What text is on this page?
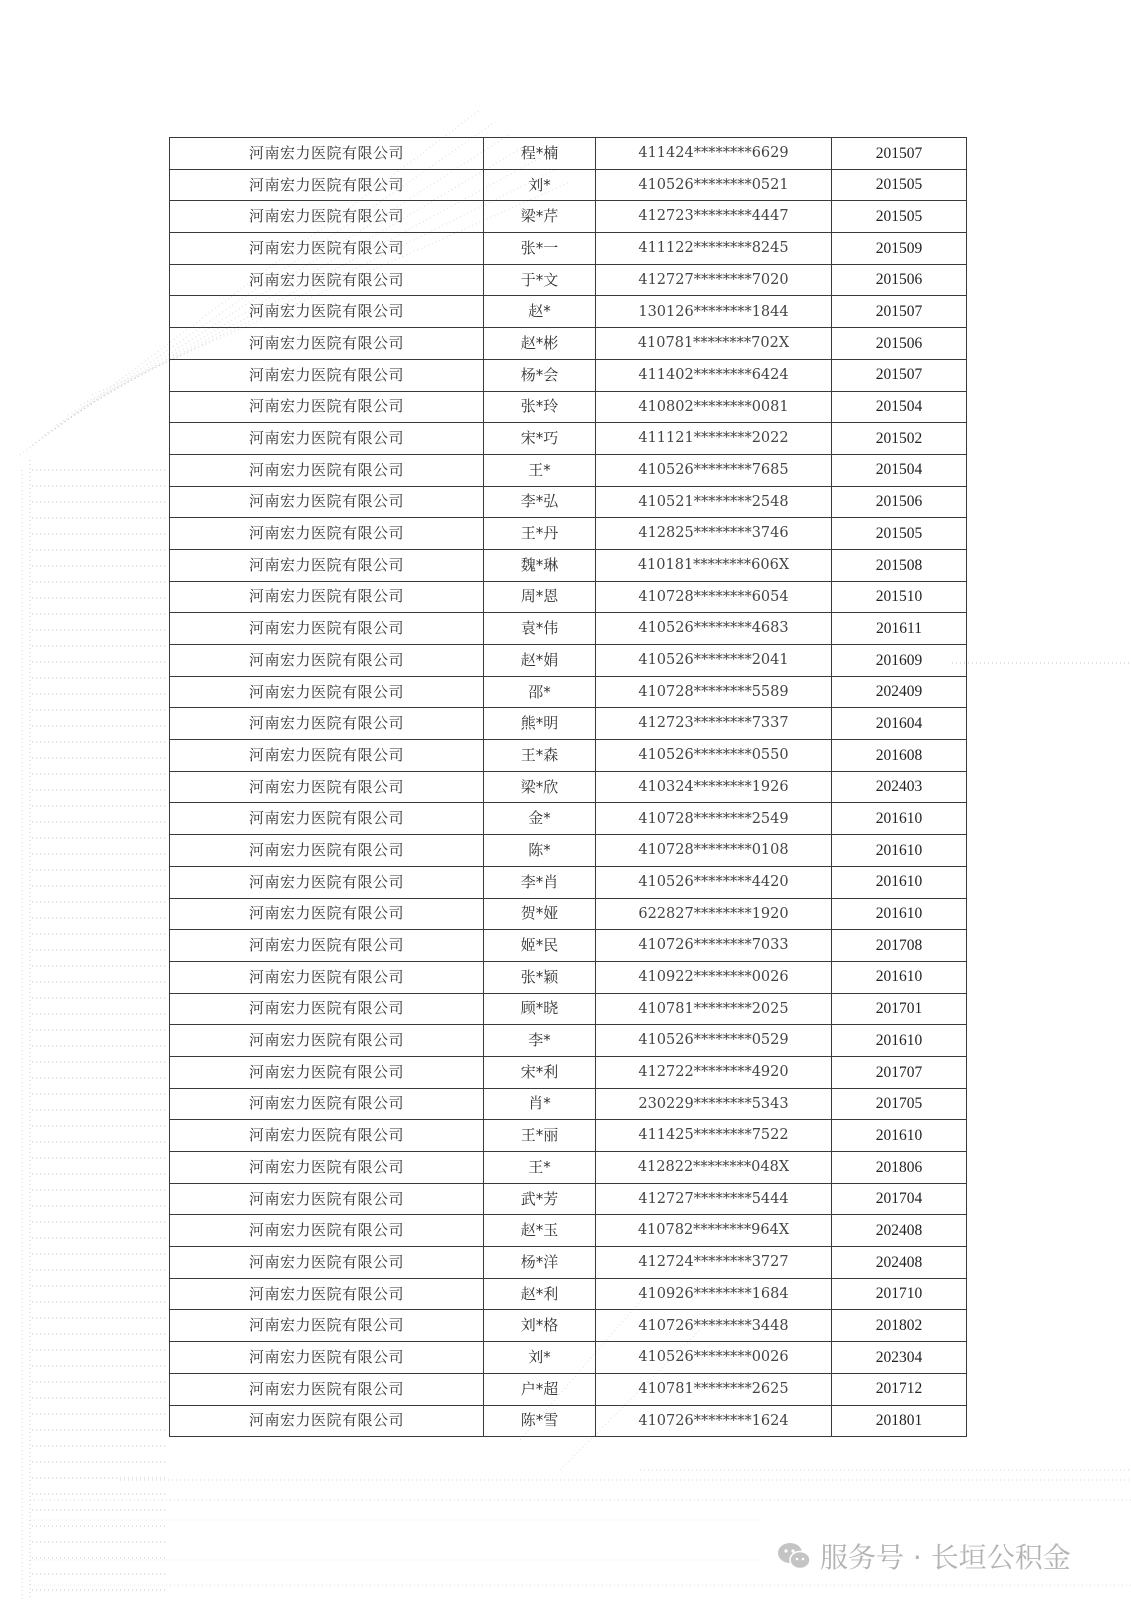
河南宏力医院有限公司	程*楠	411424********6629	201507
河南宏力医院有限公司	刘*	410526********0521	201505
河南宏力医院有限公司	梁*芹	412723********4447	201505
河南宏力医院有限公司	张*一	411122********8245	201509
河南宏力医院有限公司	于*文	412727********7020	201506
河南宏力医院有限公司	赵*	130126********1844	201507
河南宏力医院有限公司	赵*彬	410781********702X	201506
河南宏力医院有限公司	杨*会	411402********6424	201507
河南宏力医院有限公司	张*玲	410802********0081	201504
河南宏力医院有限公司	宋*巧	411121********2022	201502
河南宏力医院有限公司	王*	410526********7685	201504
河南宏力医院有限公司	李*弘	410521********2548	201506
河南宏力医院有限公司	王*丹	412825********3746	201505
河南宏力医院有限公司	魏*琳	410181********606X	201508
河南宏力医院有限公司	周*恩	410728********6054	201510
河南宏力医院有限公司	袁*伟	410526********4683	201611
河南宏力医院有限公司	赵*娟	410526********2041	201609
河南宏力医院有限公司	邵*	410728********5589	202409
河南宏力医院有限公司	熊*明	412723********7337	201604
河南宏力医院有限公司	王*森	410526********0550	201608
河南宏力医院有限公司	梁*欣	410324********1926	202403
河南宏力医院有限公司	金*	410728********2549	201610
河南宏力医院有限公司	陈*	410728********0108	201610
河南宏力医院有限公司	李*肖	410526********4420	201610
河南宏力医院有限公司	贺*娅	622827********1920	201610
河南宏力医院有限公司	姬*民	410726********7033	201708
河南宏力医院有限公司	张*颖	410922********0026	201610
河南宏力医院有限公司	顾*晓	410781********2025	201701
河南宏力医院有限公司	李*	410526********0529	201610
河南宏力医院有限公司	宋*利	412722********4920	201707
河南宏力医院有限公司	肖*	230229********5343	201705
河南宏力医院有限公司	王*丽	411425********7522	201610
河南宏力医院有限公司	王*	412822********048X	201806
河南宏力医院有限公司	武*芳	412727********5444	201704
河南宏力医院有限公司	赵*玉	410782********964X	202408
河南宏力医院有限公司	杨*洋	412724********3727	202408
河南宏力医院有限公司	赵*利	410926********1684	201710
河南宏力医院有限公司	刘*格	410726********3448	201802
河南宏力医院有限公司	刘*	410526********0026	202304
河南宏力医院有限公司	户*超	410781********2625	201712
河南宏力医院有限公司	陈*雪	410726********1624	201801
服务号 · 长垣公积金
